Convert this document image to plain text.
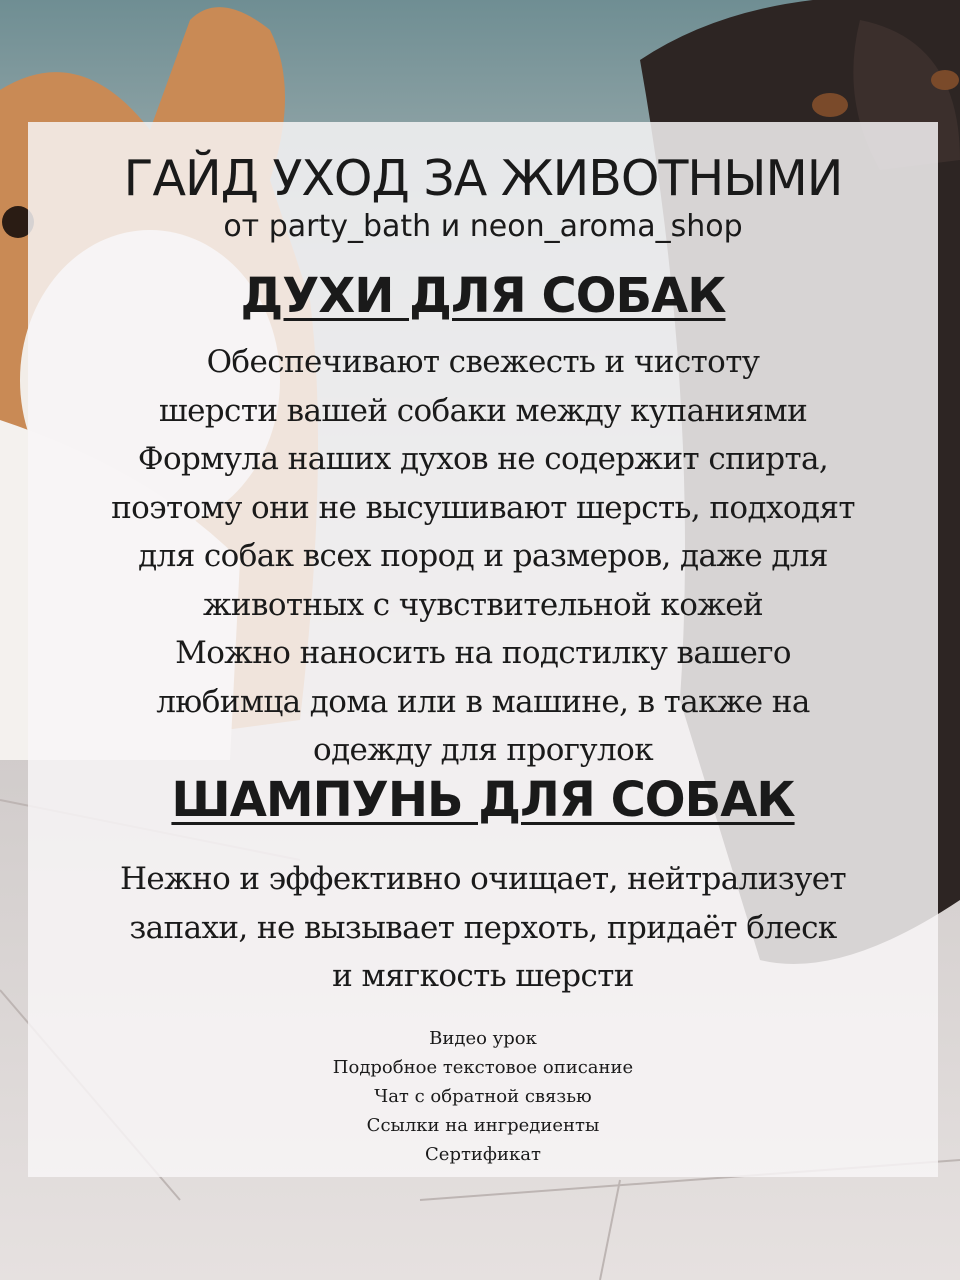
ГАЙД УХОД ЗА ЖИВОТНЫМИ

от party_bath и neon_aroma_shop

ДУХИ ДЛЯ СОБАК

Обеспечивают свежесть и чистоту
шерсти вашей собаки между купаниями
Формула наших духов не содержит спирта,
поэтому они не высушивают шерсть, подходят
для собак всех пород и размеров, даже для
животных с чувствительной кожей
Можно наносить на подстилку вашего
любимца дома или в машине, в также на
одежду для прогулок

ШАМПУНЬ ДЛЯ СОБАК

Нежно и эффективно очищает, нейтрализует
запахи, не вызывает перхоть, придаёт блеск
и мягкость шерсти

Видео урок
Подробное текстовое описание
Чат с обратной связью
Ссылки на ингредиенты
Сертификат
